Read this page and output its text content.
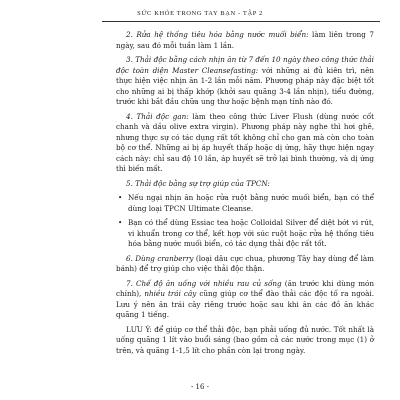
SỨC KHỎE TRONG TAY BẠN - TẬP 2

2. Rửa hệ thống tiêu hóa bằng nước muối biển: làm liên trong 7 ngày, sau đó mỗi tuần làm 1 lần.

3. Thải độc bằng cách nhịn ăn từ 7 đến 10 ngày theo công thức thải độc toàn diện Master Cleansefasting: với những ai đủ kiên trì, nên thực hiện việc nhịn ăn 1-2 lần mỗi năm. Phương pháp này đặc biệt tốt cho những ai bị thấp khớp (khởi sau quãng 3-4 lần nhịn), tiểu đường, trước khi bắt đầu chữa ung thư hoặc bệnh mạn tính nào đó.

4. Thải độc gan: làm theo công thức Liver Flush (dùng nước cốt chanh và dầu olive extra virgin). Phương pháp này nghe thì hơi ghê, nhưng thực sự có tác dụng rất tốt không chỉ cho gan mà còn cho toàn bộ cơ thể. Những ai bị áp huyết thấp hoặc dị ứng, hãy thực hiện ngay cách này: chỉ sau độ 10 lần, áp huyết sẽ trở lại bình thường, và dị ứng thì biến mất.

5. Thải độc bằng sự trợ giúp của TPCN:

• Nếu ngại nhịn ăn hoặc rửa ruột bằng nước muối biển, bạn có thể dùng loại TPCN Ultimate Cleanse.
• Bạn có thể dùng Essiac tea hoặc Colloidal Silver để diệt bớt vi rút, vi khuẩn trong cơ thể, kết hợp với súc ruột hoặc rửa hệ thống tiêu hóa bằng nước muối biển, có tác dụng thải độc rất tốt.

6. Dùng cranberry (loại dâu cực chua, phương Tây hay dùng để làm bánh) để trợ giúp cho việc thải độc thận.

7. Chế độ ăn uống với nhiều rau củ sống (ăn trước khi dùng món chính), nhiều trái cây cũng giúp cơ thể đào thải các độc tố ra ngoài. Lưu ý nên ăn trái cây riêng trước hoặc sau khi ăn các đồ ăn khác quãng 1 tiếng.

LƯU Ý: để giúp cơ thể thải độc, bạn phải uống đủ nước. Tốt nhất là uống quãng 1 lít vào buổi sáng (bao gồm cả các nước trong mục (1) ở trên, và quãng 1-1,5 lít cho phần còn lại trong ngày.

- 16 -
